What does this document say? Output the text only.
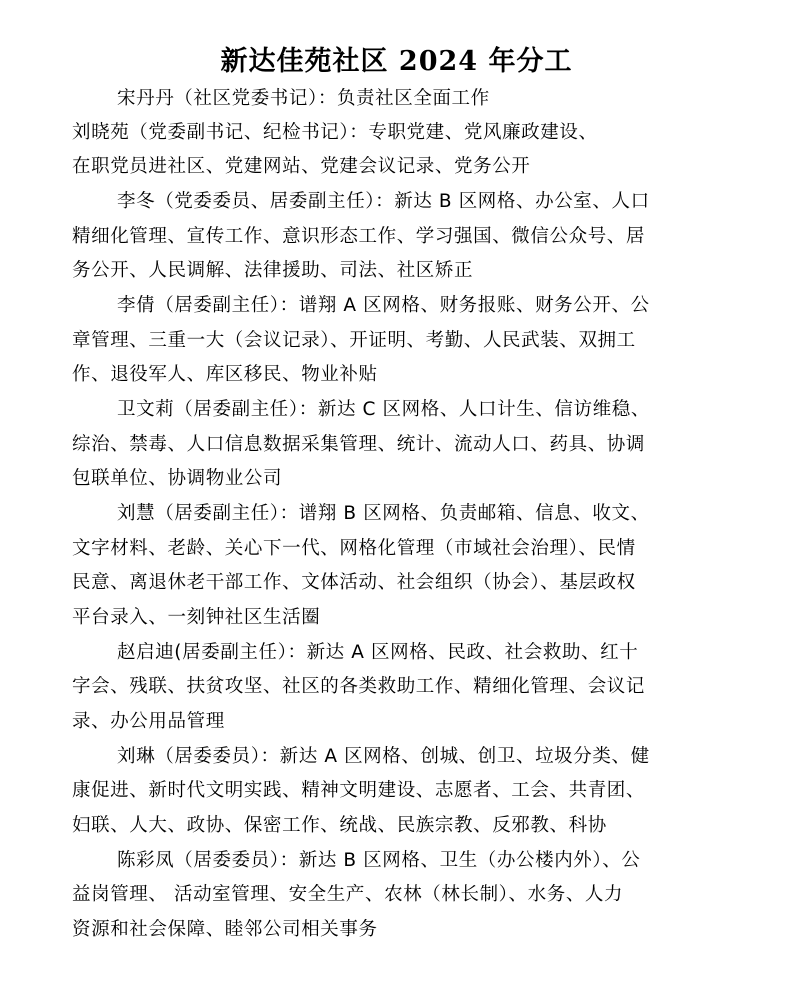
新达佳苑社区 2024 年分工
宋丹丹（社区党委书记）：负责社区全面工作
刘晓苑（党委副书记、纪检书记）：专职党建、党风廉政建设、
在职党员进社区、党建网站、党建会议记录、党务公开
李冬（党委委员、居委副主任）：新达 B 区网格、办公室、人口
精细化管理、宣传工作、意识形态工作、学习强国、微信公众号、居
务公开、人民调解、法律援助、司法、社区矫正
李倩（居委副主任）：谱翔 A 区网格、财务报账、财务公开、公
章管理、三重一大（会议记录）、开证明、考勤、人民武装、双拥工
作、退役军人、库区移民、物业补贴
卫文莉（居委副主任）：新达 C 区网格、人口计生、信访维稳、
综治、禁毒、人口信息数据采集管理、统计、流动人口、药具、协调
包联单位、协调物业公司
刘慧（居委副主任）：谱翔 B 区网格、负责邮箱、信息、收文、
文字材料、老龄、关心下一代、网格化管理（市域社会治理）、民情
民意、离退休老干部工作、文体活动、社会组织（协会）、基层政权
平台录入、一刻钟社区生活圈
赵启迪(居委副主任）：新达 A 区网格、民政、社会救助、红十
字会、残联、扶贫攻坚、社区的各类救助工作、精细化管理、会议记
录、办公用品管理
刘琳（居委委员）：新达 A 区网格、创城、创卫、垃圾分类、健
康促进、新时代文明实践、精神文明建设、志愿者、工会、共青团、
妇联、人大、政协、保密工作、统战、民族宗教、反邪教、科协
陈彩凤（居委委员）：新达 B 区网格、卫生（办公楼内外）、公
益岗管理、 活动室管理、安全生产、农林（林长制）、水务、人力
资源和社会保障、睦邻公司相关事务
